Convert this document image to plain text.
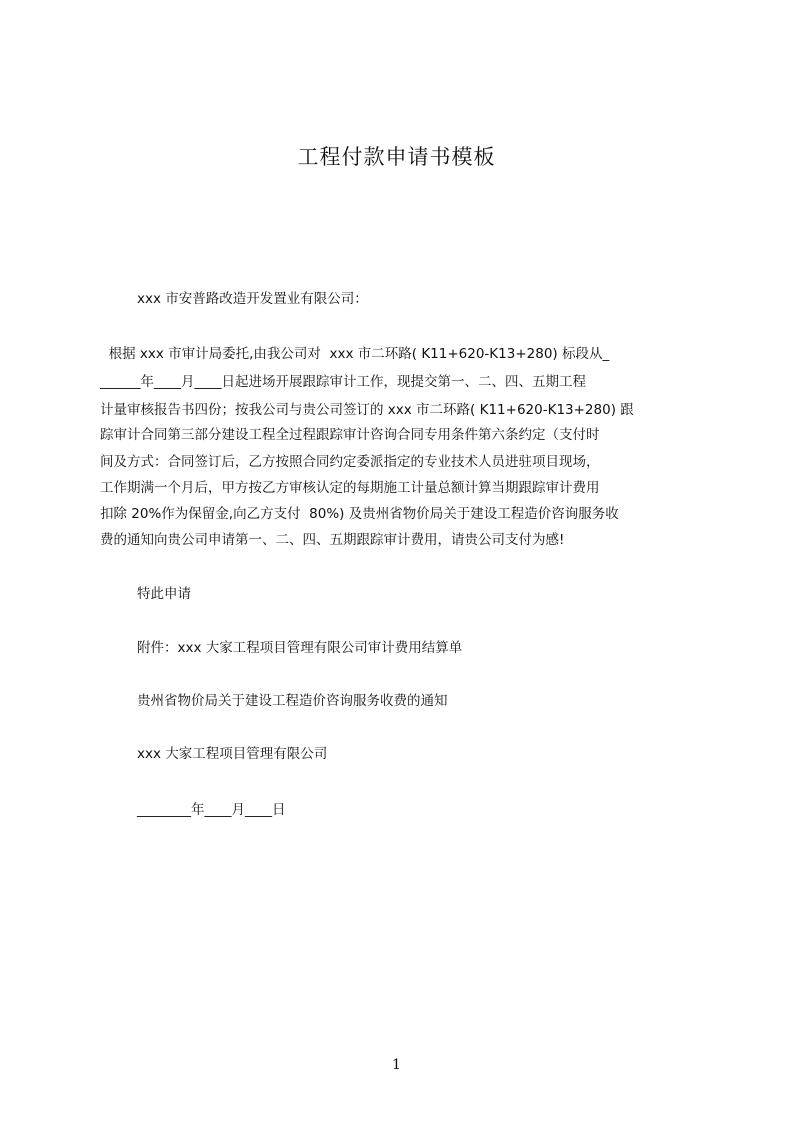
工程付款申请书模板
xxx 市安普路改造开发置业有限公司：
根据 xxx 市审计局委托,由我公司对  xxx 市二环路( K11+620-K13+280) 标段从_
______年____月____日起进场开展跟踪审计工作，现提交第一、二、四、五期工程
计量审核报告书四份；按我公司与贵公司签订的 xxx 市二环路( K11+620-K13+280) 跟
踪审计合同第三部分建设工程全过程跟踪审计咨询合同专用条件第六条约定（支付时
间及方式：合同签订后，乙方按照合同约定委派指定的专业技术人员进驻项目现场，
工作期满一个月后，甲方按乙方审核认定的每期施工计量总额计算当期跟踪审计费用
扣除 20%作为保留金,向乙方支付  80%) 及贵州省物价局关于建设工程造价咨询服务收
费的通知向贵公司申请第一、二、四、五期跟踪审计费用，请贵公司支付为感!
特此申请
附件：xxx 大家工程项目管理有限公司审计费用结算单
贵州省物价局关于建设工程造价咨询服务收费的通知
xxx 大家工程项目管理有限公司
________年____月____日
1
